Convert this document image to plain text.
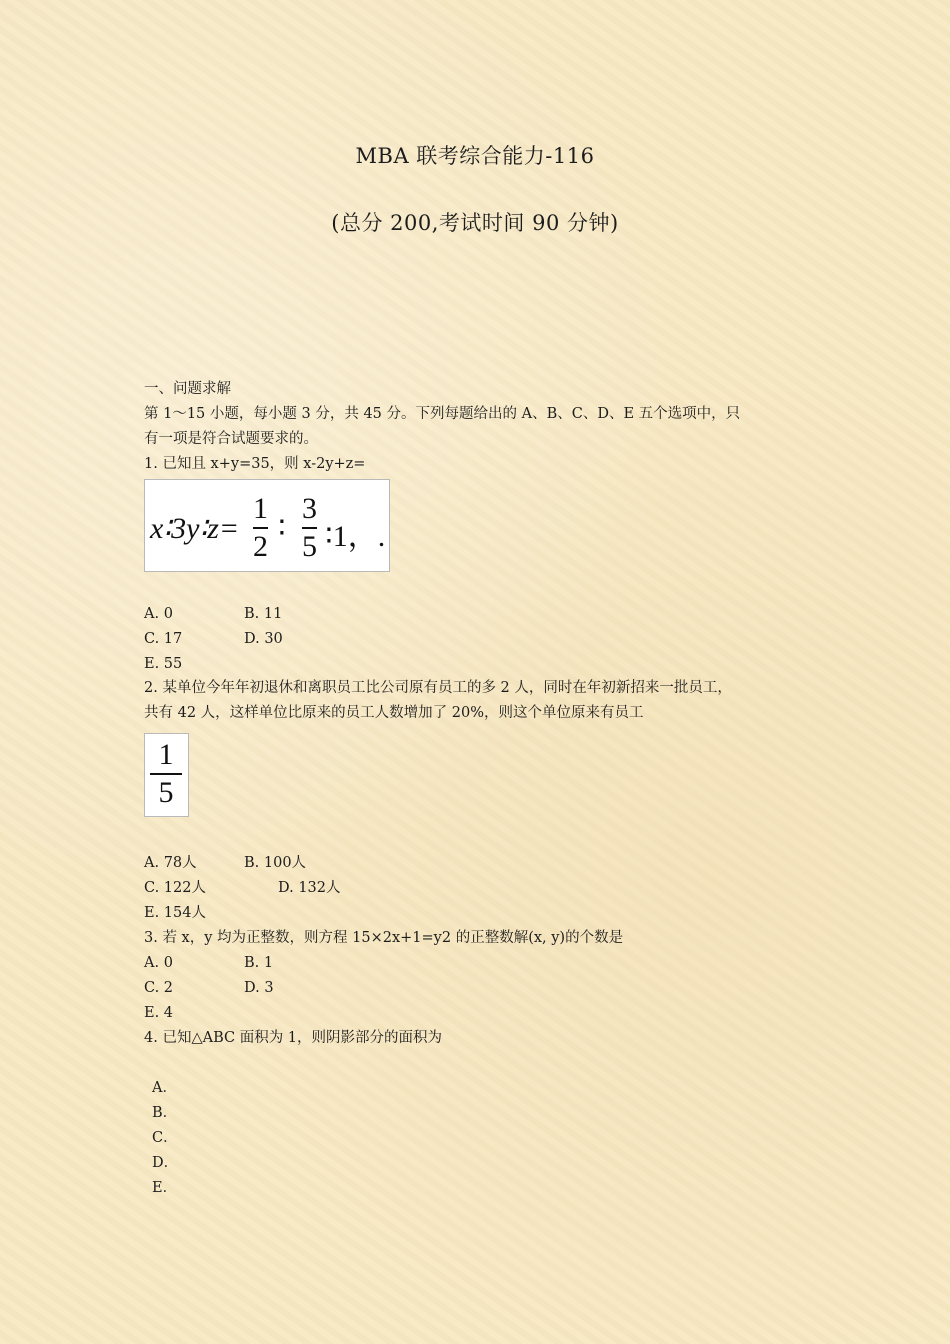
MBA 联考综合能力-116
(总分 200,考试时间 90 分钟)
一、问题求解
第 1～15 小题，每小题 3 分，共 45 分。下列每题给出的 A、B、C、D、E 五个选项中，只
有一项是符合试题要求的。
1. 已知且 x+y=35，则 x-2y+z=
x∶3y∶z=
1
2
∶
3
5 ∶1，.
A. 0	B. 11
C. 17	D. 30
E. 55
2. 某单位今年年初退休和离职员工比公司原有员工的多 2 人，同时在年初新招来一批员工，
共有 42 人，这样单位比原来的员工人数增加了 20%，则这个单位原来有员工
1
5
A. 78人	B. 100人
C. 122人	D. 132人
E. 154人
3. 若 x，y 均为正整数，则方程 15×2x+1=y2 的正整数解(x, y)的个数是
A. 0	B. 1
C. 2	D. 3
E. 4
4. 已知△ABC 面积为 1，则阴影部分的面积为
A．
B．
C．
D．
E．
